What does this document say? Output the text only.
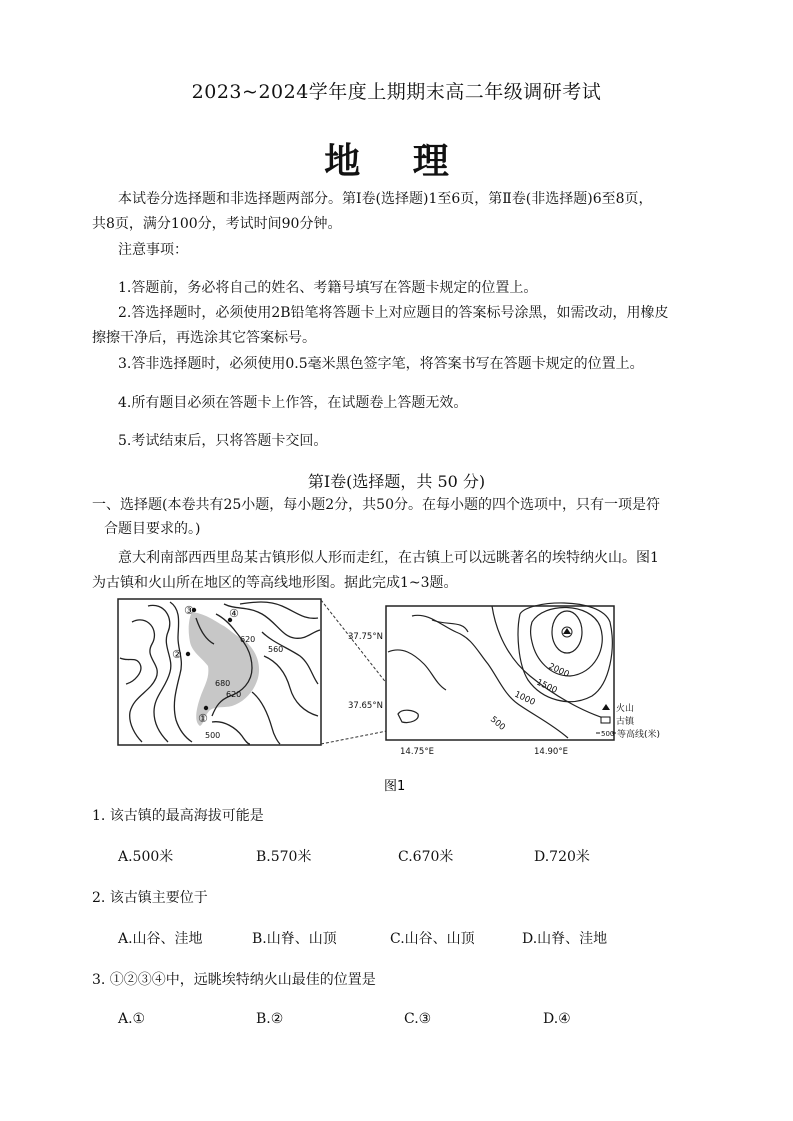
2023~2024学年度上期期末高二年级调研考试
地 理
本试卷分选择题和非选择题两部分。第Ⅰ卷(选择题)1至6页，第Ⅱ卷(非选择题)6至8页，
共8页，满分100分，考试时间90分钟。
注意事项：
1.答题前，务必将自己的姓名、考籍号填写在答题卡规定的位置上。
2.答选择题时，必须使用2B铅笔将答题卡上对应题目的答案标号涂黑，如需改动，用橡皮
擦擦干净后，再选涂其它答案标号。
3.答非选择题时，必须使用0.5毫米黑色签字笔，将答案书写在答题卡规定的位置上。
4.所有题目必须在答题卡上作答，在试题卷上答题无效。
5.考试结束后，只将答题卡交回。
第Ⅰ卷(选择题，共 50 分)
一、选择题(本卷共有25小题，每小题2分，共50分。在每小题的四个选项中，只有一项是符
合题目要求的。)
意大利南部西西里岛某古镇形似人形而走红，在古镇上可以远眺著名的埃特纳火山。图1
为古镇和火山所在地区的等高线地形图。据此完成1~3题。
③	④
②
①
620
560
680
620
500
2000
1500
1000
500
37.75°N
37.65°N
14.75°E	14.90°E
火山
古镇
500 等高线(米)
图1
1. 该古镇的最高海拔可能是
A.500米	B.570米	C.670米	D.720米
2. 该古镇主要位于
A.山谷、洼地	B.山脊、山顶	C.山谷、山顶	D.山脊、洼地
3. ①②③④中，远眺埃特纳火山最佳的位置是
A.①	B.②	C.③	D.④
